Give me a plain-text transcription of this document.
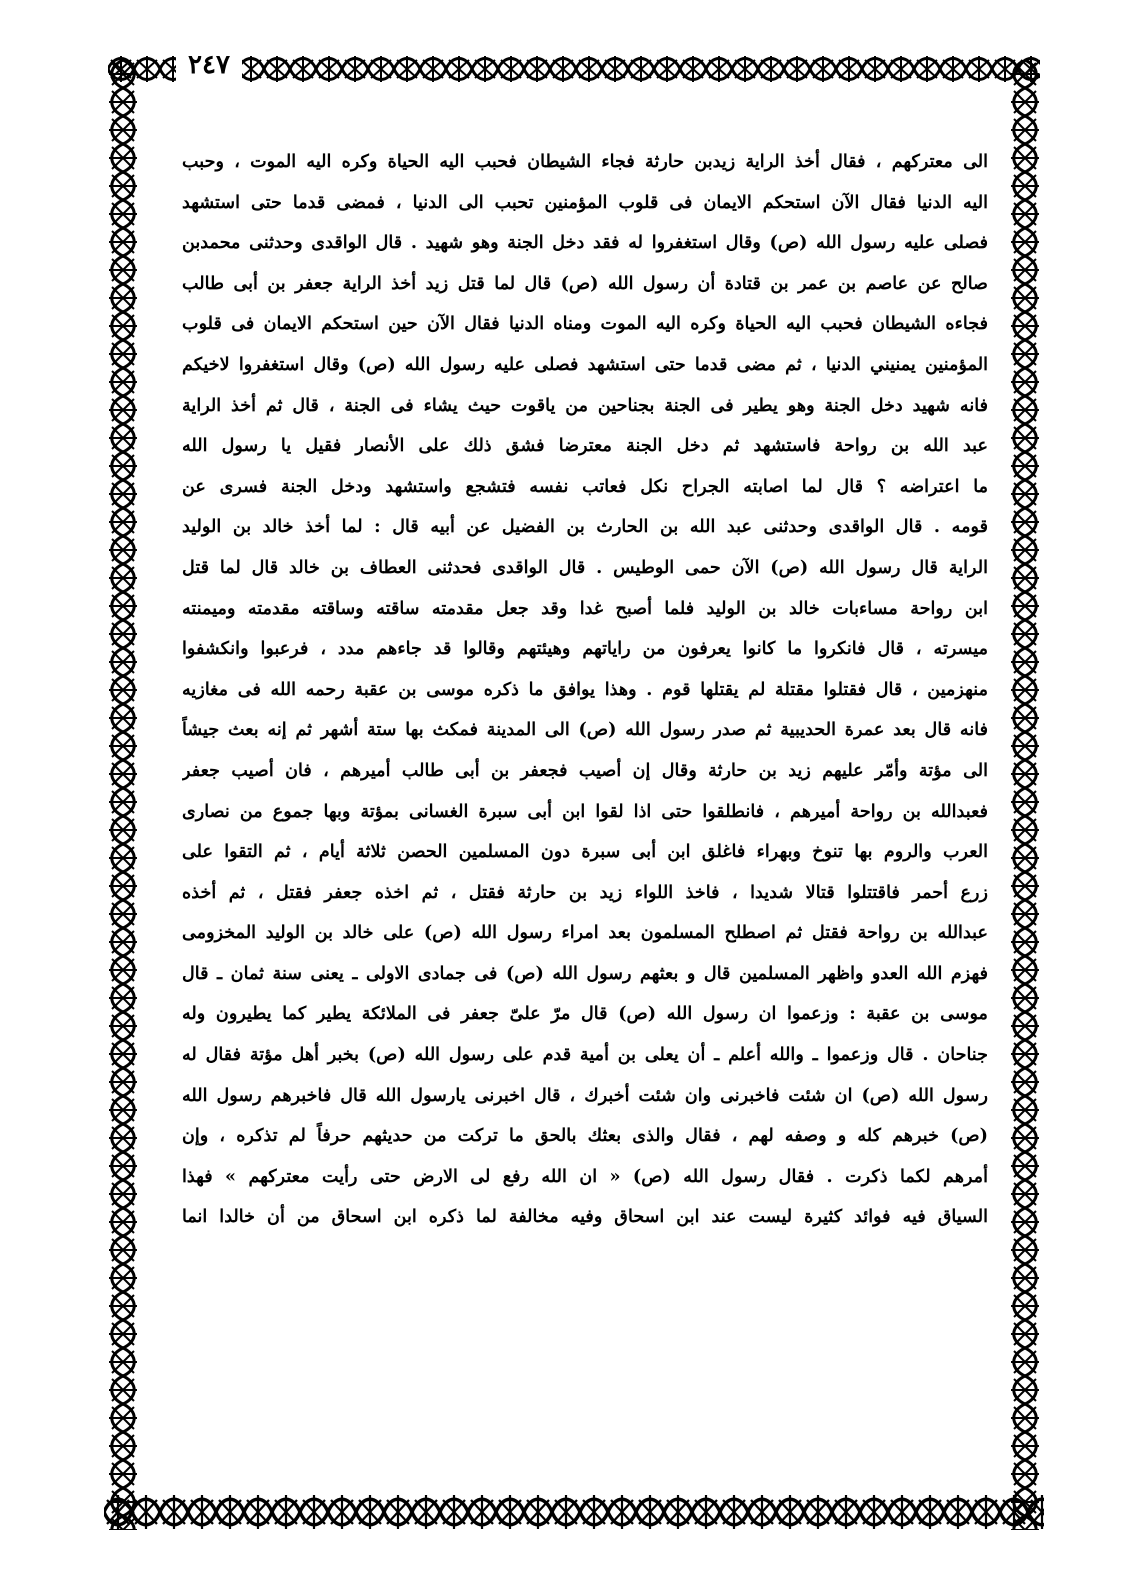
٢٤٧
الى معتركهم ، فقال أخذ الراية زيدبن حارثة فجاء الشيطان فحبب اليه الحياة وكره اليه الموت ، وحبب
اليه الدنيا فقال الآن استحكم الايمان فى قلوب المؤمنين تحبب الى الدنيا ، فمضى قدما حتى استشهد
فصلى عليه رسول الله (ص) وقال استغفروا له فقد دخل الجنة وهو شهيد . قال الواقدى وحدثنى محمدبن
صالح عن عاصم بن عمر بن قتادة أن رسول الله (ص) قال لما قتل زيد أخذ الراية جعفر بن أبى طالب
فجاءه الشيطان فحبب اليه الحياة وكره اليه الموت ومناه الدنيا فقال الآن حين استحكم الايمان فى قلوب
المؤمنين يمنيني الدنيا ، ثم مضى قدما حتى استشهد فصلى عليه رسول الله (ص) وقال استغفروا لاخيكم
فانه شهيد دخل الجنة وهو يطير فى الجنة بجناحين من ياقوت حيث يشاء فى الجنة ، قال ثم أخذ الراية
عبد الله بن رواحة فاستشهد ثم دخل الجنة معترضا فشق ذلك على الأنصار فقيل يا رسول الله
ما اعتراضه ؟ قال لما اصابته الجراح نكل فعاتب نفسه فتشجع واستشهد ودخل الجنة فسرى عن
قومه . قال الواقدى وحدثنى عبد الله بن الحارث بن الفضيل عن أبيه قال : لما أخذ خالد بن الوليد
الراية قال رسول الله (ص) الآن حمى الوطيس . قال الواقدى فحدثنى العطاف بن خالد قال لما قتل
ابن رواحة مساءبات خالد بن الوليد فلما أصبح غدا وقد جعل مقدمته ساقته وساقته مقدمته وميمنته
ميسرته ، قال فانكروا ما كانوا يعرفون من راياتهم وهيئتهم وقالوا قد جاءهم مدد ، فرعبوا وانكشفوا
منهزمين ، قال فقتلوا مقتلة لم يقتلها قوم . وهذا يوافق ما ذكره موسى بن عقبة رحمه الله فى مغازيه
فانه قال بعد عمرة الحديبية ثم صدر رسول الله (ص) الى المدينة فمكث بها ستة أشهر ثم إنه بعث جيشاً
الى مؤتة وأمّر عليهم زيد بن حارثة وقال إن أصيب فجعفر بن أبى طالب أميرهم ، فان أصيب جعفر
فعبدالله بن رواحة أميرهم ، فانطلقوا حتى اذا لقوا ابن أبى سبرة الغسانى بمؤتة وبها جموع من نصارى
العرب والروم بها تنوخ وبهراء فاغلق ابن أبى سبرة دون المسلمين الحصن ثلاثة أيام ، ثم التقوا على
زرع أحمر فاقتتلوا قتالا شديدا ، فاخذ اللواء زيد بن حارثة فقتل ، ثم اخذه جعفر فقتل ، ثم أخذه
عبدالله بن رواحة فقتل ثم اصطلح المسلمون بعد امراء رسول الله (ص) على خالد بن الوليد المخزومى
فهزم الله العدو واظهر المسلمين قال و بعثهم رسول الله (ص) فى جمادى الاولى ـ يعنى سنة ثمان ـ قال
موسى بن عقبة : وزعموا ان رسول الله (ص) قال مرّ علىّ جعفر فى الملائكة يطير كما يطيرون وله
جناحان . قال وزعموا ـ والله أعلم ـ أن يعلى بن أمية قدم على رسول الله (ص) بخبر أهل مؤتة فقال له
رسول الله (ص) ان شئت فاخبرنى وان شئت أخبرك ، قال اخبرنى يارسول الله قال فاخبرهم رسول الله
(ص) خبرهم كله و وصفه لهم ، فقال والذى بعثك بالحق ما تركت من حديثهم حرفاً لم تذكره ، وإن
أمرهم لكما ذكرت . فقال رسول الله (ص) « ان الله رفع لى الارض حتى رأيت معتركهم » فهذا
السياق فيه فوائد كثيرة ليست عند ابن اسحاق وفيه مخالفة لما ذكره ابن اسحاق من أن خالدا انما
